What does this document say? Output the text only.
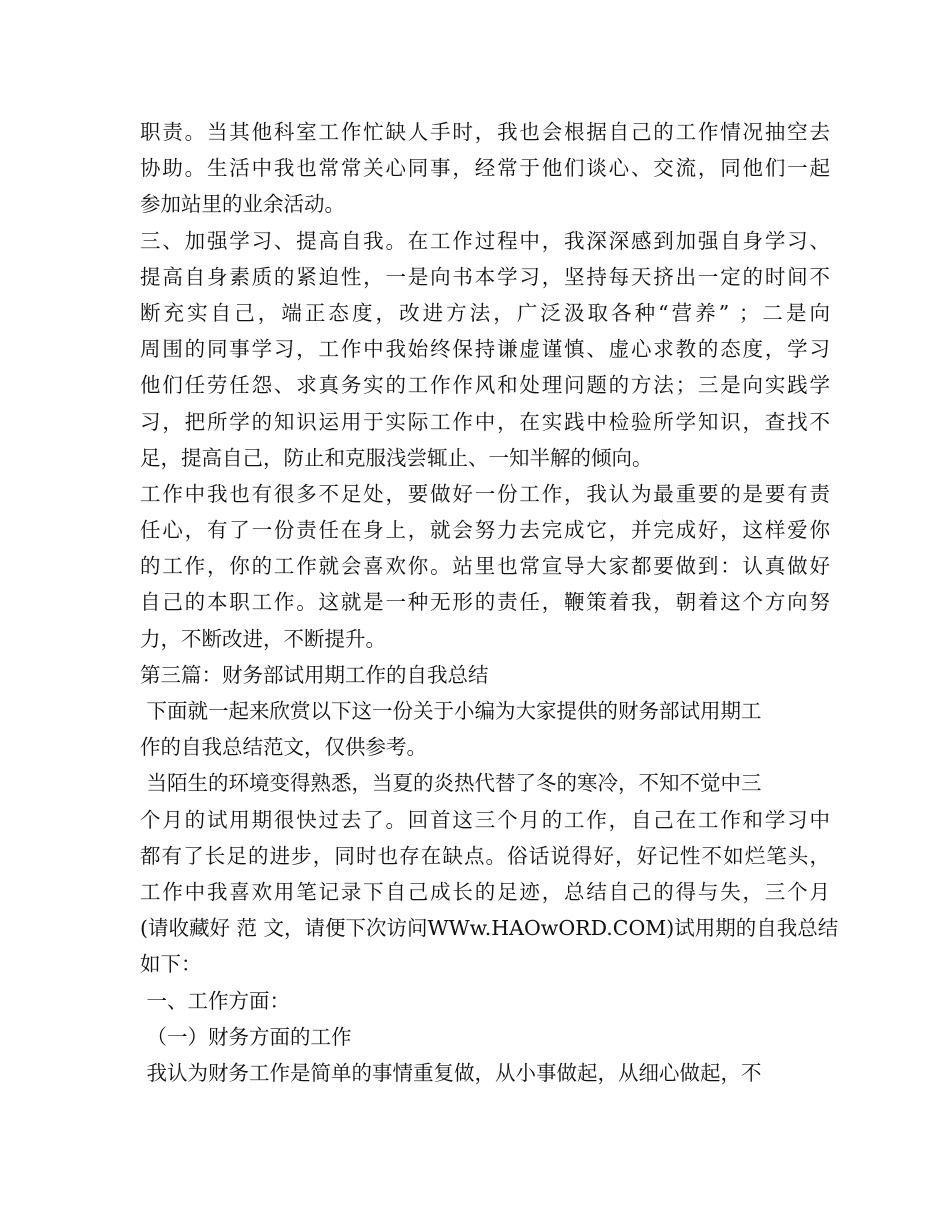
职责。当其他科室工作忙缺人手时，我也会根据自己的工作情况抽空去
协助。生活中我也常常关心同事，经常于他们谈心、交流，同他们一起
参加站里的业余活动。
三、加强学习、提高自我。在工作过程中，我深深感到加强自身学习、
提高自身素质的紧迫性，一是向书本学习，坚持每天挤出一定的时间不
断充实自己，端正态度，改进方法，广泛汲取各种“营养” ；二是向
周围的同事学习，工作中我始终保持谦虚谨慎、虚心求教的态度，学习
他们任劳任怨、求真务实的工作作风和处理问题的方法；三是向实践学
习，把所学的知识运用于实际工作中，在实践中检验所学知识，查找不
足，提高自己，防止和克服浅尝辄止、一知半解的倾向。
工作中我也有很多不足处，要做好一份工作，我认为最重要的是要有责
任心，有了一份责任在身上，就会努力去完成它，并完成好，这样爱你
的工作，你的工作就会喜欢你。站里也常宣导大家都要做到：认真做好
自己的本职工作。这就是一种无形的责任，鞭策着我，朝着这个方向努
力，不断改进，不断提升。
第三篇：财务部试用期工作的自我总结
下面就一起来欣赏以下这一份关于小编为大家提供的财务部试用期工
作的自我总结范文，仅供参考。
当陌生的环境变得熟悉，当夏的炎热代替了冬的寒冷，不知不觉中三
个月的试用期很快过去了。回首这三个月的工作，自己在工作和学习中
都有了长足的进步，同时也存在缺点。俗话说得好，好记性不如烂笔头，
工作中我喜欢用笔记录下自己成长的足迹，总结自己的得与失，三个月
(请收藏好 范 文，请便下次访问WWw.HAOwORD.COM)试用期的自我总结
如下：
一、工作方面：
（一）财务方面的工作
我认为财务工作是简单的事情重复做，从小事做起，从细心做起，不
